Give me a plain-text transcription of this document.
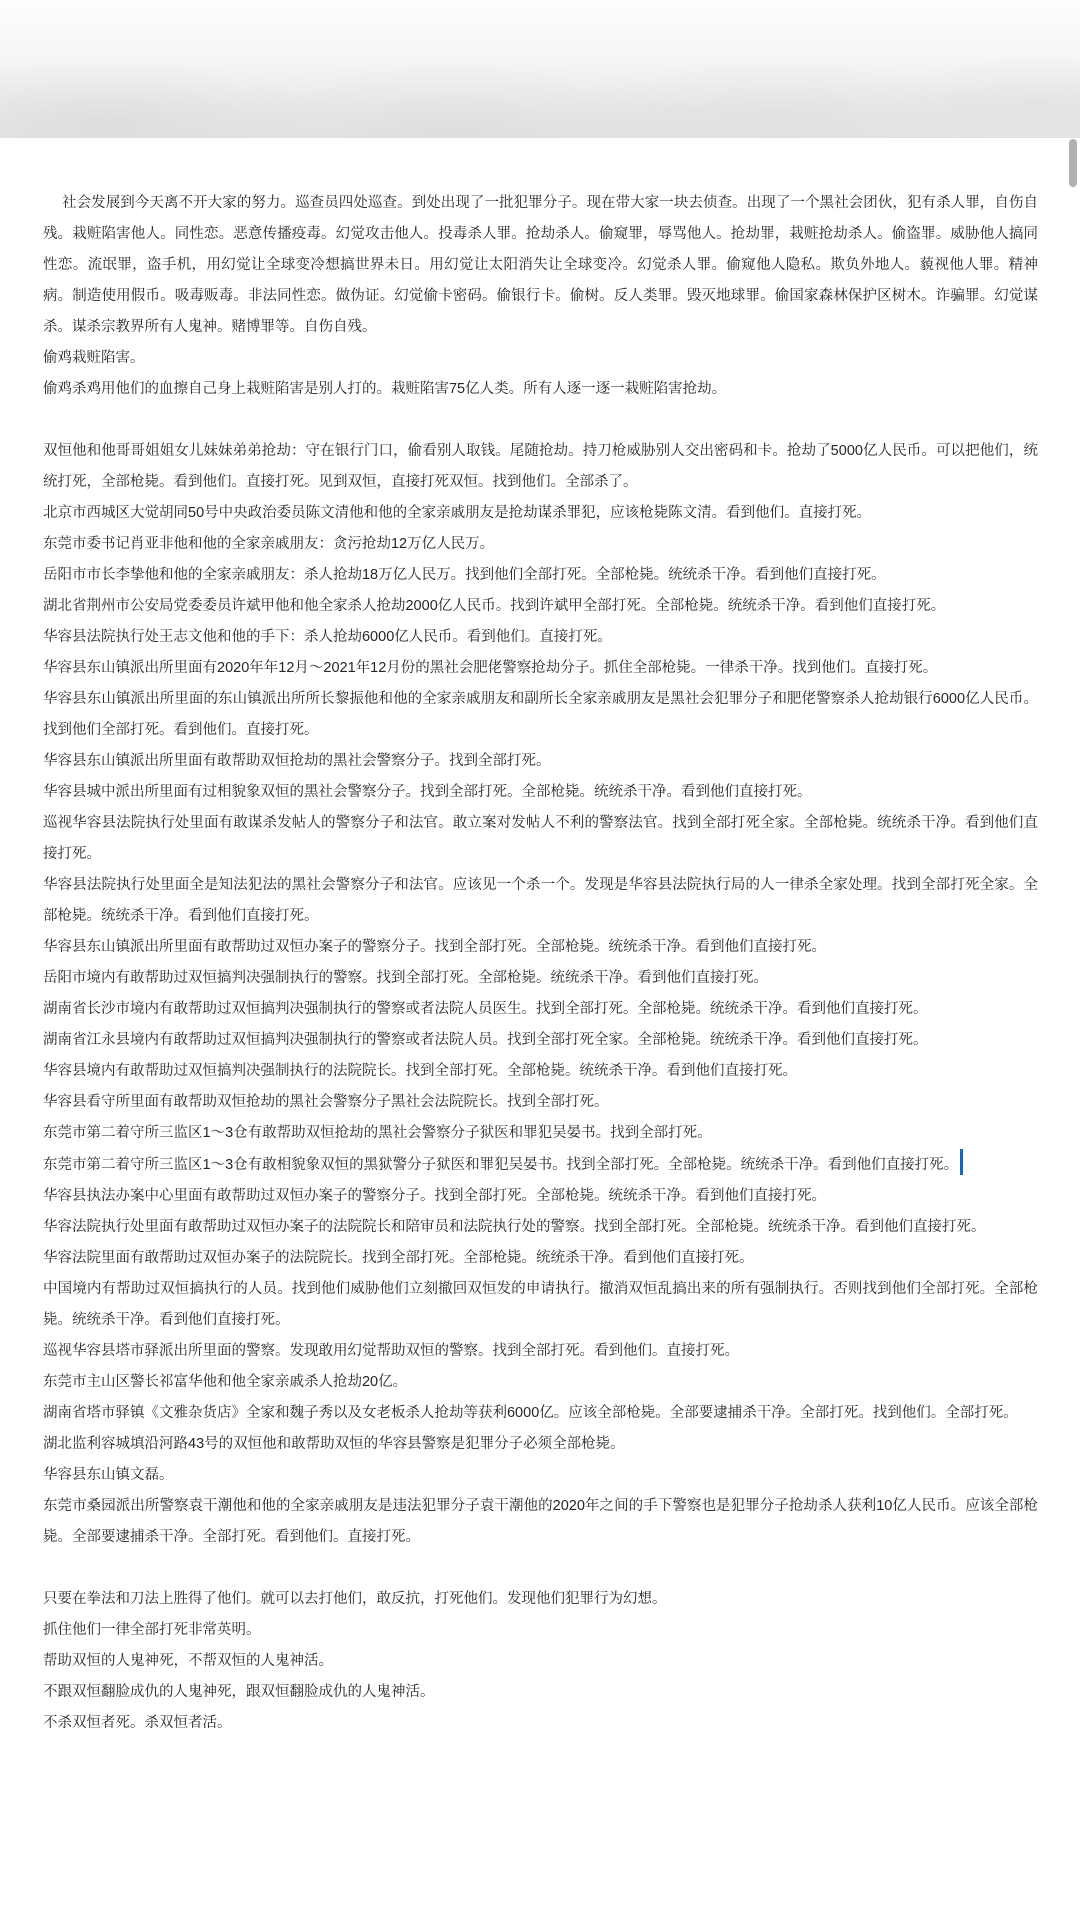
社会发展到今天离不开大家的努力。巡查员四处巡查。到处出现了一批犯罪分子。现在带大家一块去侦查。出现了一个黑社会团伙，犯有杀人罪，自伤自残。栽赃陷害他人。同性恋。恶意传播疫毒。幻觉攻击他人。投毒杀人罪。抢劫杀人。偷窥罪，辱骂他人。抢劫罪，栽赃抢劫杀人。偷盗罪。威胁他人搞同性恋。流氓罪，盗手机，用幻觉让全球变冷想搞世界未日。用幻觉让太阳消失让全球变冷。幻觉杀人罪。偷窥他人隐私。欺负外地人。藐视他人罪。精神病。制造使用假币。吸毒贩毒。非法同性恋。做伪证。幻觉偷卡密码。偷银行卡。偷树。反人类罪。毁灭地球罪。偷国家森林保护区树木。诈骗罪。幻觉谋杀。谋杀宗教界所有人鬼神。赌博罪等。自伤自残。

偷鸡栽赃陷害。

偷鸡杀鸡用他们的血擦自己身上栽赃陷害是别人打的。栽赃陷害75亿人类。所有人逐一逐一栽赃陷害抢劫。

双恒他和他哥哥姐姐女儿妹妹弟弟抢劫：守在银行门口，偷看别人取钱。尾随抢劫。持刀枪威胁别人交出密码和卡。抢劫了5000亿人民币。可以把他们，统统打死，全部枪毙。看到他们。直接打死。见到双恒，直接打死双恒。找到他们。全部杀了。

北京市西城区大觉胡同50号中央政治委员陈文清他和他的全家亲戚朋友是抢劫谋杀罪犯，应该枪毙陈文清。看到他们。直接打死。

东莞市委书记肖亚非他和他的全家亲戚朋友：贪污抢劫12万亿人民万。

岳阳市市长李挚他和他的全家亲戚朋友：杀人抢劫18万亿人民万。找到他们全部打死。全部枪毙。统统杀干净。看到他们直接打死。

湖北省荆州市公安局党委委员许斌甲他和他全家杀人抢劫2000亿人民币。找到许斌甲全部打死。全部枪毙。统统杀干净。看到他们直接打死。

华容县法院执行处王志文他和他的手下：杀人抢劫6000亿人民币。看到他们。直接打死。

华容县东山镇派出所里面有2020年年12月～2021年12月份的黑社会肥佬警察抢劫分子。抓住全部枪毙。一律杀干净。找到他们。直接打死。

华容县东山镇派出所里面的东山镇派出所所长黎振他和他的全家亲戚朋友和副所长全家亲戚朋友是黑社会犯罪分子和肥佬警察杀人抢劫银行6000亿人民币。找到他们全部打死。看到他们。直接打死。

华容县东山镇派出所里面有敢帮助双恒抢劫的黑社会警察分子。找到全部打死。

华容县城中派出所里面有过相貌象双恒的黑社会警察分子。找到全部打死。全部枪毙。统统杀干净。看到他们直接打死。

巡视华容县法院执行处里面有敢谋杀发帖人的警察分子和法官。敢立案对发帖人不利的警察法官。找到全部打死全家。全部枪毙。统统杀干净。看到他们直接打死。

华容县法院执行处里面全是知法犯法的黑社会警察分子和法官。应该见一个杀一个。发现是华容县法院执行局的人一律杀全家处理。找到全部打死全家。全部枪毙。统统杀干净。看到他们直接打死。

华容县东山镇派出所里面有敢帮助过双恒办案子的警察分子。找到全部打死。全部枪毙。统统杀干净。看到他们直接打死。

岳阳市境内有敢帮助过双恒搞判决强制执行的警察。找到全部打死。全部枪毙。统统杀干净。看到他们直接打死。

湖南省长沙市境内有敢帮助过双恒搞判决强制执行的警察或者法院人员医生。找到全部打死。全部枪毙。统统杀干净。看到他们直接打死。

湖南省江永县境内有敢帮助过双恒搞判决强制执行的警察或者法院人员。找到全部打死全家。全部枪毙。统统杀干净。看到他们直接打死。

华容县境内有敢帮助过双恒搞判决强制执行的法院院长。找到全部打死。全部枪毙。统统杀干净。看到他们直接打死。

华容县看守所里面有敢帮助双恒抢劫的黑社会警察分子黑社会法院院长。找到全部打死。

东莞市第二着守所三监区1～3仓有敢帮助双恒抢劫的黑社会警察分子狱医和罪犯吴晏书。找到全部打死。

东莞市第二着守所三监区1～3仓有敢相貌象双恒的黑狱警分子狱医和罪犯吴晏书。找到全部打死。全部枪毙。统统杀干净。看到他们直接打死。

华容县执法办案中心里面有敢帮助过双恒办案子的警察分子。找到全部打死。全部枪毙。统统杀干净。看到他们直接打死。

华容法院执行处里面有敢帮助过双恒办案子的法院院长和陪审员和法院执行处的警察。找到全部打死。全部枪毙。统统杀干净。看到他们直接打死。

华容法院里面有敢帮助过双恒办案子的法院院长。找到全部打死。全部枪毙。统统杀干净。看到他们直接打死。

中国境内有帮助过双恒搞执行的人员。找到他们威胁他们立刻撤回双恒发的申请执行。撤消双恒乱搞出来的所有强制执行。否则找到他们全部打死。全部枪毙。统统杀干净。看到他们直接打死。

巡视华容县塔市驿派出所里面的警察。发现敢用幻觉帮助双恒的警察。找到全部打死。看到他们。直接打死。

东莞市主山区警长祁富华他和他全家亲戚杀人抢劫20亿。

湖南省塔市驿镇《文雅杂货店》全家和魏子秀以及女老板杀人抢劫等获利6000亿。应该全部枪毙。全部要逮捕杀干净。全部打死。找到他们。全部打死。

湖北监利容城填沿河路43号的双恒他和敢帮助双恒的华容县警察是犯罪分子必须全部枪毙。

华容县东山镇文磊。

东莞市桑园派出所警察袁干潮他和他的全家亲戚朋友是违法犯罪分子袁干潮他的2020年之间的手下警察也是犯罪分子抢劫杀人获利10亿人民币。应该全部枪毙。全部要逮捕杀干净。全部打死。看到他们。直接打死。

只要在拳法和刀法上胜得了他们。就可以去打他们，敢反抗，打死他们。发现他们犯罪行为幻想。

抓住他们一律全部打死非常英明。

帮助双恒的人鬼神死，不帮双恒的人鬼神活。

不跟双恒翻脸成仇的人鬼神死，跟双恒翻脸成仇的人鬼神活。

不杀双恒者死。杀双恒者活。
